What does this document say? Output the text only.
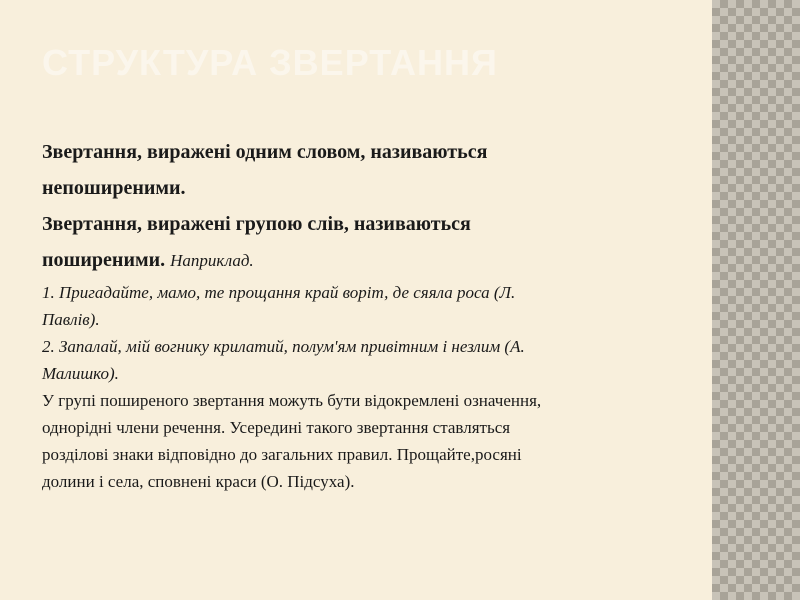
СТРУКТУРА ЗВЕРТАННЯ

Звертання, виражені одним словом, називаються

непоширеними.

Звертання, виражені групою слів, називаються

поширеними. Наприклад.

1. Пригадайте, мамо, те прощання край воріт, де сяяла роса (Л.

Павлів).

2. Запалай, мій вогнику крилатий, полум'ям привітним і незлим (А.

Малишко).

У групі поширеного звертання можуть бути відокремлені означення,

однорідні члени речення. Усередині такого звертання ставляться

розділові знаки відповідно до загальних правил. Прощайте,росяні

долини і села, сповнені краси (О. Підсуха).
